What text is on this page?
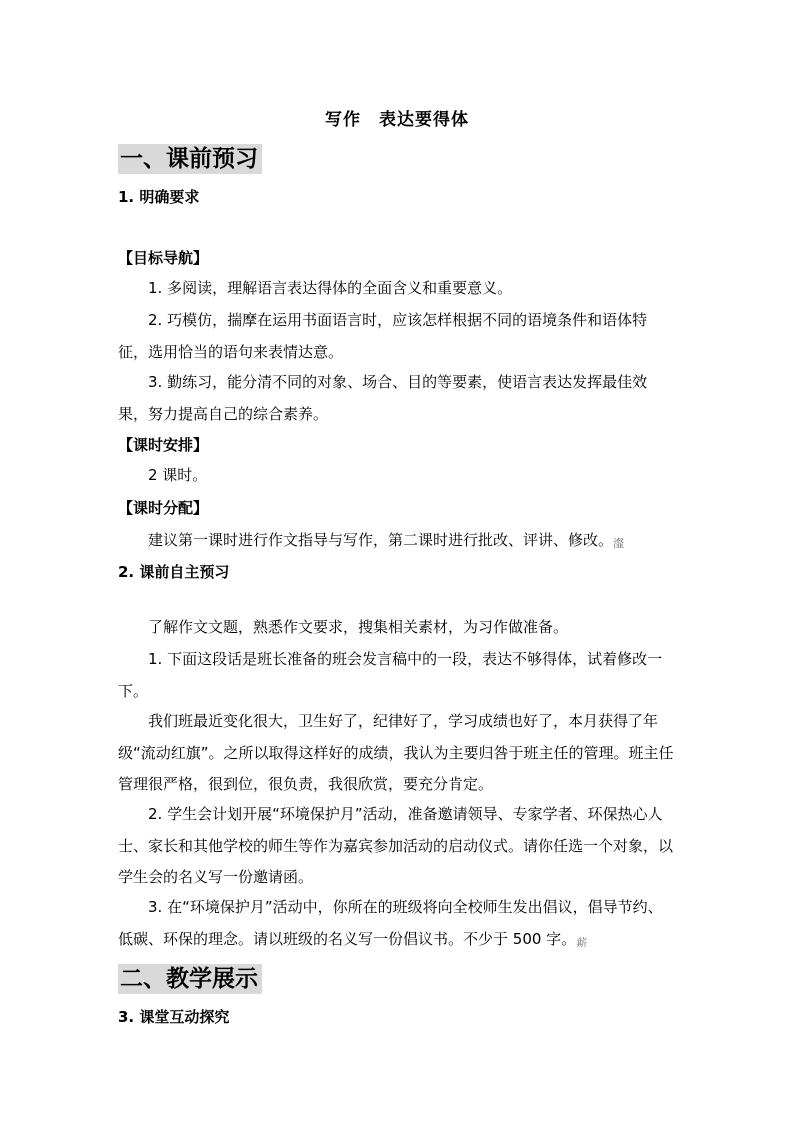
写作 表达要得体
一、课前预习
1. 明确要求
【目标导航】
1. 多阅读，理解语言表达得体的全面含义和重要意义。
2. 巧模仿，揣摩在运用书面语言时，应该怎样根据不同的语境条件和语体特征，选用恰当的语句来表情达意。
3. 勤练习，能分清不同的对象、场合、目的等要素，使语言表达发挥最佳效果，努力提高自己的综合素养。
【课时安排】
2 课时。
【课时分配】
建议第一课时进行作文指导与写作，第二课时进行批改、评讲、修改。瀣
2. 课前自主预习
了解作文文题，熟悉作文要求，搜集相关素材，为习作做准备。
1. 下面这段话是班长准备的班会发言稿中的一段，表达不够得体，试着修改一下。
我们班最近变化很大，卫生好了，纪律好了，学习成绩也好了，本月获得了年级“流动红旗”。之所以取得这样好的成绩，我认为主要归咎于班主任的管理。班主任管理很严格，很到位，很负责，我很欣赏，要充分肯定。
2. 学生会计划开展“环境保护月”活动，准备邀请领导、专家学者、环保热心人士、家长和其他学校的师生等作为嘉宾参加活动的启动仪式。请你任选一个对象，以学生会的名义写一份邀请函。
3. 在“环境保护月”活动中，你所在的班级将向全校师生发出倡议，倡导节约、低碳、环保的理念。请以班级的名义写一份倡议书。不少于 500 字。䔮
二、教学展示
3. 课堂互动探究
